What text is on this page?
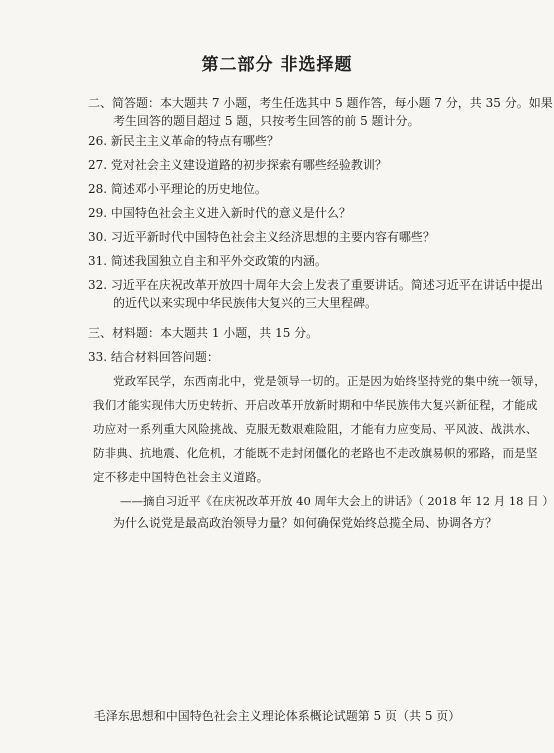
第二部分 非选择题
二、简答题：本大题共 7 小题，考生任选其中 5 题作答，每小题 7 分，共 35 分。如果
考生回答的题目超过 5 题，只按考生回答的前 5 题计分。
26. 新民主主义革命的特点有哪些？
27. 党对社会主义建设道路的初步探索有哪些经验教训？
28. 简述邓小平理论的历史地位。
29. 中国特色社会主义进入新时代的意义是什么？
30. 习近平新时代中国特色社会主义经济思想的主要内容有哪些？
31. 简述我国独立自主和平外交政策的内涵。
32. 习近平在庆祝改革开放四十周年大会上发表了重要讲话。简述习近平在讲话中提出
的近代以来实现中华民族伟大复兴的三大里程碑。
三、材料题：本大题共 1 小题，共 15 分。
33. 结合材料回答问题：
党政军民学，东西南北中，党是领导一切的。正是因为始终坚持党的集中统一领导，
我们才能实现伟大历史转折、开启改革开放新时期和中华民族伟大复兴新征程，才能成
功应对一系列重大风险挑战、克服无数艰难险阻，才能有力应变局、平风波、战洪水、
防非典、抗地震、化危机，才能既不走封闭僵化的老路也不走改旗易帜的邪路，而是坚
定不移走中国特色社会主义道路。
——摘自习近平《在庆祝改革开放 40 周年大会上的讲话》（ 2018 年 12 月 18 日 ）
为什么说党是最高政治领导力量？如何确保党始终总揽全局、协调各方？
毛泽东思想和中国特色社会主义理论体系概论试题第 5 页（共 5 页）
